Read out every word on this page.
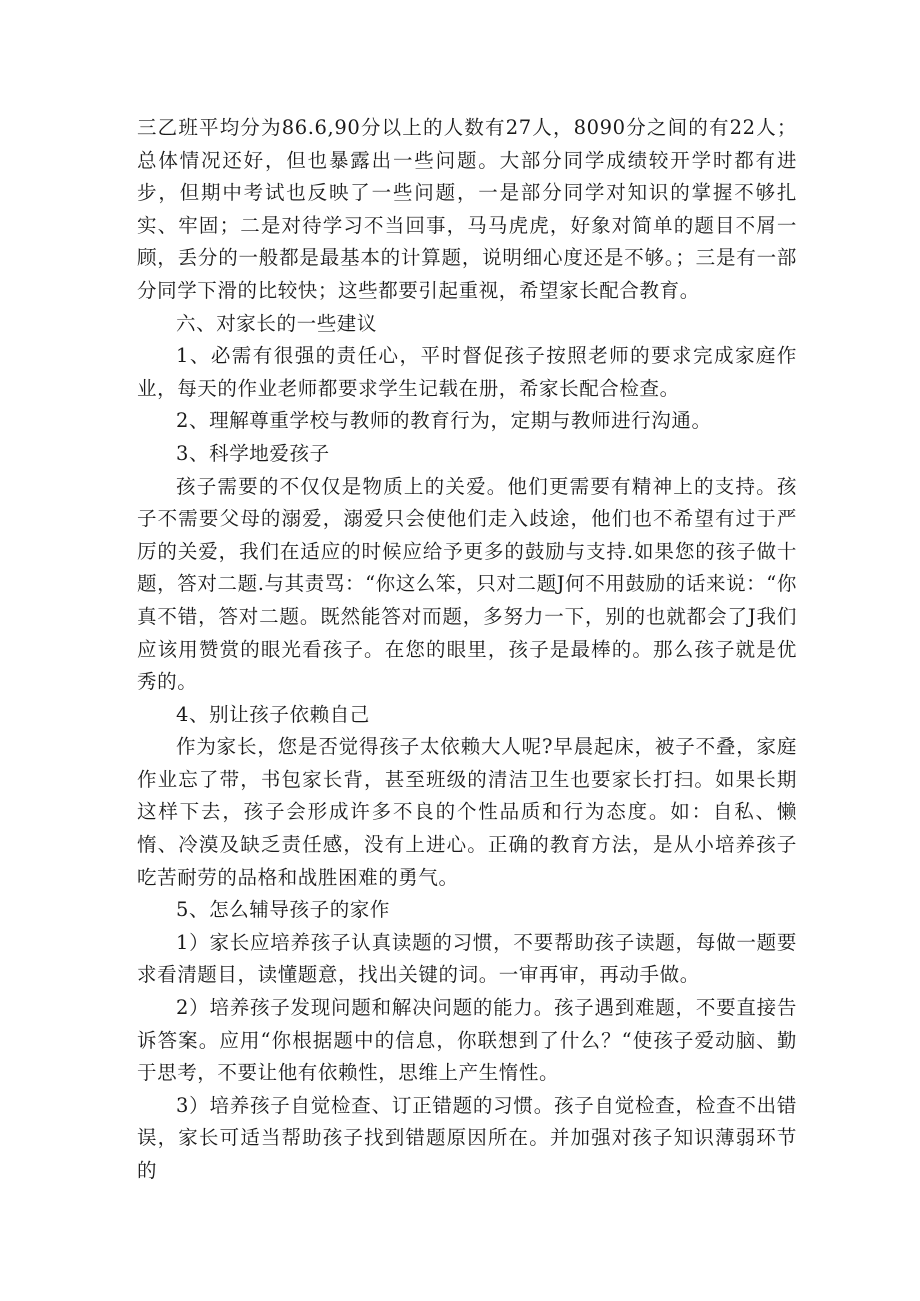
三乙班平均分为86.6,90分以上的人数有27人，8090分之间的有22人；总体情况还好，但也暴露出一些问题。大部分同学成绩较开学时都有进步，但期中考试也反映了一些问题，一是部分同学对知识的掌握不够扎实、牢固；二是对待学习不当回事，马马虎虎，好象对简单的题目不屑一顾，丢分的一般都是最基本的计算题，说明细心度还是不够。；三是有一部分同学下滑的比较快；这些都要引起重视，希望家长配合教育。

六、对家长的一些建议

1、必需有很强的责任心，平时督促孩子按照老师的要求完成家庭作业，每天的作业老师都要求学生记载在册，希家长配合检查。

2、理解尊重学校与教师的教育行为，定期与教师进行沟通。

3、科学地爱孩子

孩子需要的不仅仅是物质上的关爱。他们更需要有精神上的支持。孩子不需要父母的溺爱，溺爱只会使他们走入歧途，他们也不希望有过于严厉的关爱，我们在适应的时候应给予更多的鼓励与支持.如果您的孩子做十题，答对二题.与其责骂：“你这么笨，只对二题J何不用鼓励的话来说：“你真不错，答对二题。既然能答对而题，多努力一下，别的也就都会了J我们应该用赞赏的眼光看孩子。在您的眼里，孩子是最棒的。那么孩子就是优秀的。

4、别让孩子依赖自己

作为家长，您是否觉得孩子太依赖大人呢?早晨起床，被子不叠，家庭作业忘了带，书包家长背，甚至班级的清洁卫生也要家长打扫。如果长期这样下去，孩子会形成许多不良的个性品质和行为态度。如：自私、懒惰、冷漠及缺乏责任感，没有上进心。正确的教育方法，是从小培养孩子吃苦耐劳的品格和战胜困难的勇气。

5、怎么辅导孩子的家作

1）家长应培养孩子认真读题的习惯，不要帮助孩子读题，每做一题要求看清题目，读懂题意，找出关键的词。一审再审，再动手做。

2）培养孩子发现问题和解决问题的能力。孩子遇到难题，不要直接告诉答案。应用“你根据题中的信息，你联想到了什么？“使孩子爱动脑、勤于思考，不要让他有依赖性，思维上产生惰性。

3）培养孩子自觉检查、订正错题的习惯。孩子自觉检查，检查不出错误，家长可适当帮助孩子找到错题原因所在。并加强对孩子知识薄弱环节的
